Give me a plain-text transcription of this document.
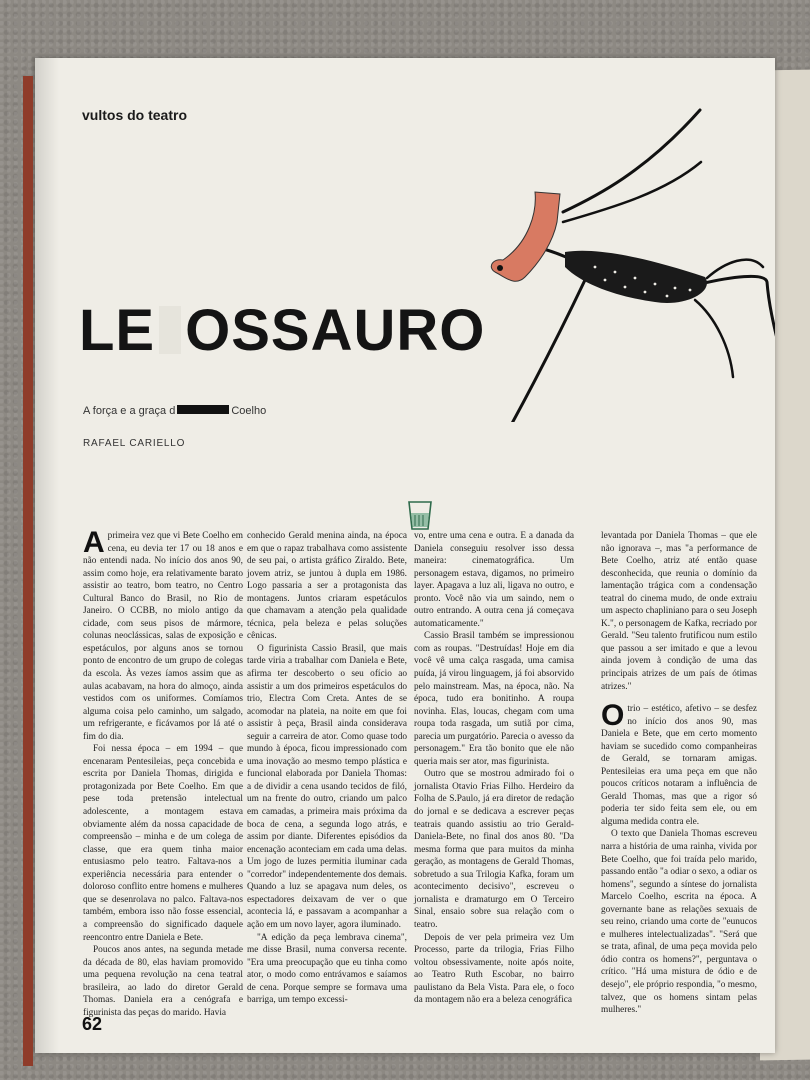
vultos do teatro
LE OSSAURO
A força e a graça d	Coelho
RAFAEL CARIELLO

Aprimeira vez que vi Bete Coelho em cena, eu devia ter 17 ou 18 anos e não entendi nada. No início dos anos 90, assim como hoje, era relativamente barato assistir ao teatro, bom teatro, no Centro Cultural Banco do Brasil, no Rio de Janeiro. O CCBB, no miolo antigo da cidade, com seus pisos de mármore, colunas neoclássicas, salas de exposição e espetáculos, por alguns anos se tornou ponto de encontro de um grupo de colegas da escola. Às vezes íamos assim que as aulas acabavam, na hora do almoço, ainda vestidos com os uniformes. Comíamos alguma coisa pelo caminho, um salgado, um refrigerante, e ficávamos por lá até o fim do dia.

Foi nessa época – em 1994 – que encenaram Pentesileias, peça concebida e escrita por Daniela Thomas, dirigida e protagonizada por Bete Coelho. Em que pese toda pretensão intelectual adolescente, a montagem estava obviamente além da nossa capacidade de compreensão – minha e de um colega de classe, que era quem tinha maior entusiasmo pelo teatro. Faltava-nos a experiência necessária para entender o doloroso conflito entre homens e mulheres que se desenrolava no palco. Faltava-nos também, embora isso não fosse essencial, a compreensão do significado daquele reencontro entre Daniela e Bete.

Poucos anos antes, na segunda metade da década de 80, elas haviam promovido uma pequena revolução na cena teatral brasileira, ao lado do diretor Gerald Thomas. Daniela era a cenógrafa e figurinista das peças do marido. Havia

conhecido Gerald menina ainda, na época em que o rapaz trabalhava como assistente de seu pai, o artista gráfico Ziraldo. Bete, jovem atriz, se juntou à dupla em 1986. Logo passaria a ser a protagonista das montagens. Juntos criaram espetáculos que chamavam a atenção pela qualidade técnica, pela beleza e pelas soluções cênicas.

O figurinista Cassio Brasil, que mais tarde viria a trabalhar com Daniela e Bete, afirma ter descoberto o seu ofício ao assistir a um dos primeiros espetáculos do trio, Electra Com Creta. Antes de se acomodar na plateia, na noite em que foi assistir à peça, Brasil ainda considerava seguir a carreira de ator. Como quase todo mundo à época, ficou impressionado com uma inovação ao mesmo tempo plástica e funcional elaborada por Daniela Thomas: a de dividir a cena usando tecidos de filó, um na frente do outro, criando um palco em camadas, a primeira mais próxima da boca de cena, a segunda logo atrás, e assim por diante. Diferentes episódios da encenação aconteciam em cada uma delas. Um jogo de luzes permitia iluminar cada "corredor" independentemente dos demais. Quando a luz se apagava num deles, os espectadores deixavam de ver o que acontecia lá, e passavam a acompanhar a ação em um novo layer, agora iluminado.

"A edição da peça lembrava cinema", me disse Brasil, numa conversa recente. "Era uma preocupação que eu tinha como ator, o modo como entrávamos e saíamos de cena. Porque sempre se formava uma barriga, um tempo excessi-

vo, entre uma cena e outra. E a danada da Daniela conseguiu resolver isso dessa maneira: cinematográfica. Um personagem estava, digamos, no primeiro layer. Apagava a luz ali, ligava no outro, e pronto. Você não via um saindo, nem o outro entrando. A outra cena já começava automaticamente."

Cassio Brasil também se impressionou com as roupas. "Destruídas! Hoje em dia você vê uma calça rasgada, uma camisa puída, já virou linguagem, já foi absorvido pelo mainstream. Mas, na época, não. Na época, tudo era bonitinho. A roupa novinha. Elas, loucas, chegam com uma roupa toda rasgada, um sutiã por cima, parecia um purgatório. Parecia o avesso da personagem." Era tão bonito que ele não queria mais ser ator, mas figurinista.

Outro que se mostrou admirado foi o jornalista Otavio Frias Filho. Herdeiro da Folha de S.Paulo, já era diretor de redação do jornal e se dedicava a escrever peças teatrais quando assistiu ao trio Gerald-Daniela-Bete, no final dos anos 80. "Da mesma forma que para muitos da minha geração, as montagens de Gerald Thomas, sobretudo a sua Trilogia Kafka, foram um acontecimento decisivo", escreveu o jornalista e dramaturgo em O Terceiro Sinal, ensaio sobre sua relação com o teatro.

Depois de ver pela primeira vez Um Processo, parte da trilogia, Frias Filho voltou obsessivamente, noite após noite, ao Teatro Ruth Escobar, no bairro paulistano da Bela Vista. Para ele, o foco da montagem não era a beleza cenográfica

levantada por Daniela Thomas – que ele não ignorava –, mas "a performance de Bete Coelho, atriz até então quase desconhecida, que reunia o domínio da lamentação trágica com a condensação teatral do cinema mudo, de onde extraiu um aspecto chapliniano para o seu Joseph K.", o personagem de Kafka, recriado por Gerald. "Seu talento frutificou num estilo que passou a ser imitado e que a levou ainda jovem à condição de uma das principais atrizes de um país de ótimas atrizes."

Otrio – estético, afetivo – se desfez no início dos anos 90, mas Daniela e Bete, que em certo momento haviam se sucedido como companheiras de Gerald, se tornaram amigas. Pentesileias era uma peça em que não poucos críticos notaram a influência de Gerald Thomas, mas que a rigor só poderia ter sido feita sem ele, ou em alguma medida contra ele.

O texto que Daniela Thomas escreveu narra a história de uma rainha, vivida por Bete Coelho, que foi traída pelo marido, passando então "a odiar o sexo, a odiar os homens", segundo a síntese do jornalista Marcelo Coelho, escrita na época. A governante bane as relações sexuais de seu reino, criando uma corte de "eunucos e mulheres intelectualizadas". "Será que se trata, afinal, de uma peça movida pelo ódio contra os homens?", perguntava o crítico. "Há uma mistura de ódio e de desejo", ele próprio respondia, "o mesmo, talvez, que os homens sintam pelas mulheres."

62
